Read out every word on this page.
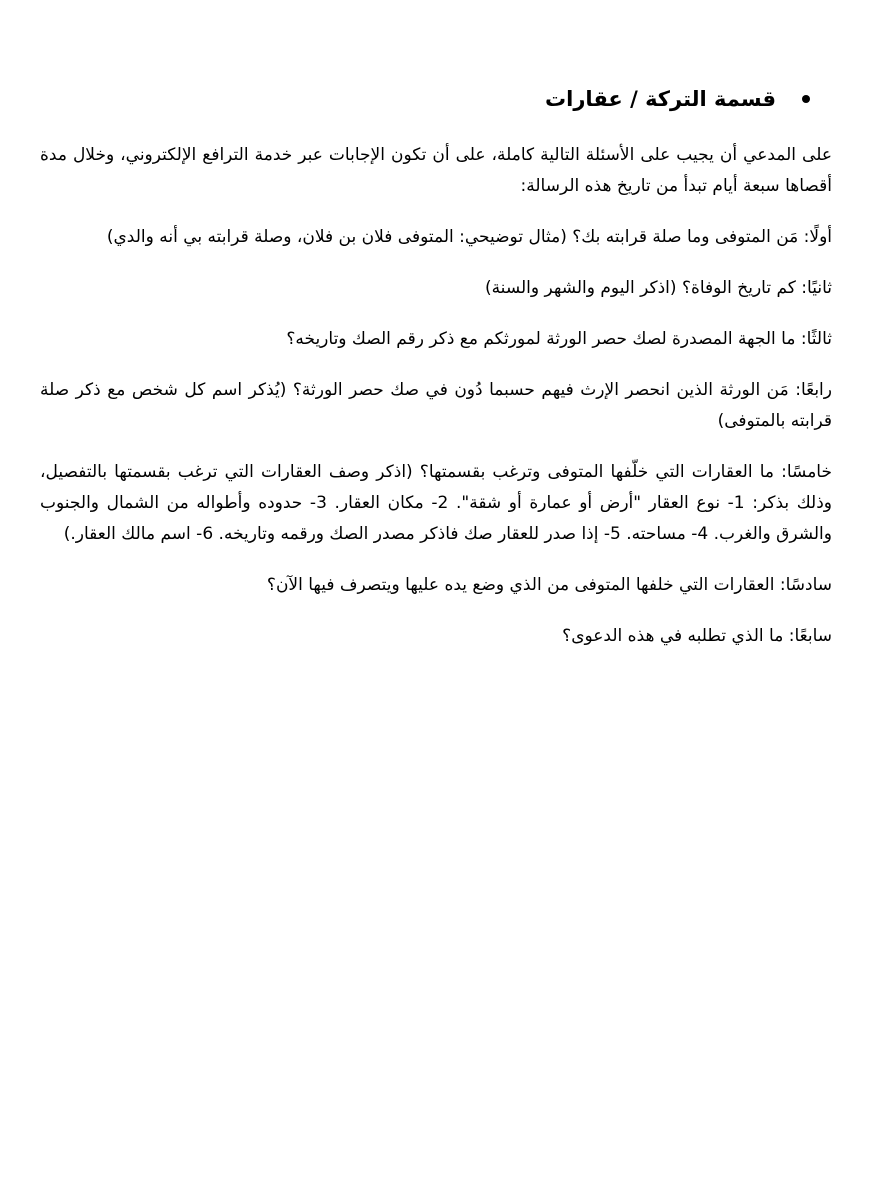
قسمة التركة / عقارات

على المدعي أن يجيب على الأسئلة التالية كاملة، على أن تكون الإجابات عبر خدمة الترافع الإلكتروني، وخلال مدة أقصاها سبعة أيام تبدأ من تاريخ هذه الرسالة:

أولًا: مَن المتوفى وما صلة قرابته بك؟ (مثال توضيحي: المتوفى فلان بن فلان، وصلة قرابته بي أنه والدي)

ثانيًا: كم تاريخ الوفاة؟ (اذكر اليوم والشهر والسنة)

ثالثًا: ما الجهة المصدرة لصك حصر الورثة لمورثكم مع ذكر رقم الصك وتاريخه؟

رابعًا: مَن الورثة الذين انحصر الإرث فيهم حسبما دُون في صك حصر الورثة؟ (يُذكر اسم كل شخص مع ذكر صلة قرابته بالمتوفى)

خامسًا: ما العقارات التي خلّفها المتوفى وترغب بقسمتها؟ (اذكر وصف العقارات التي ترغب بقسمتها بالتفصيل، وذلك بذكر: 1- نوع العقار "أرض أو عمارة أو شقة". 2- مكان العقار. 3- حدوده وأطواله من الشمال والجنوب والشرق والغرب. 4- مساحته. 5- إذا صدر للعقار صك فاذكر مصدر الصك ورقمه وتاريخه. 6- اسم مالك العقار.)

سادسًا: العقارات التي خلفها المتوفى من الذي وضع يده عليها ويتصرف فيها الآن؟

سابعًا: ما الذي تطلبه في هذه الدعوى؟
